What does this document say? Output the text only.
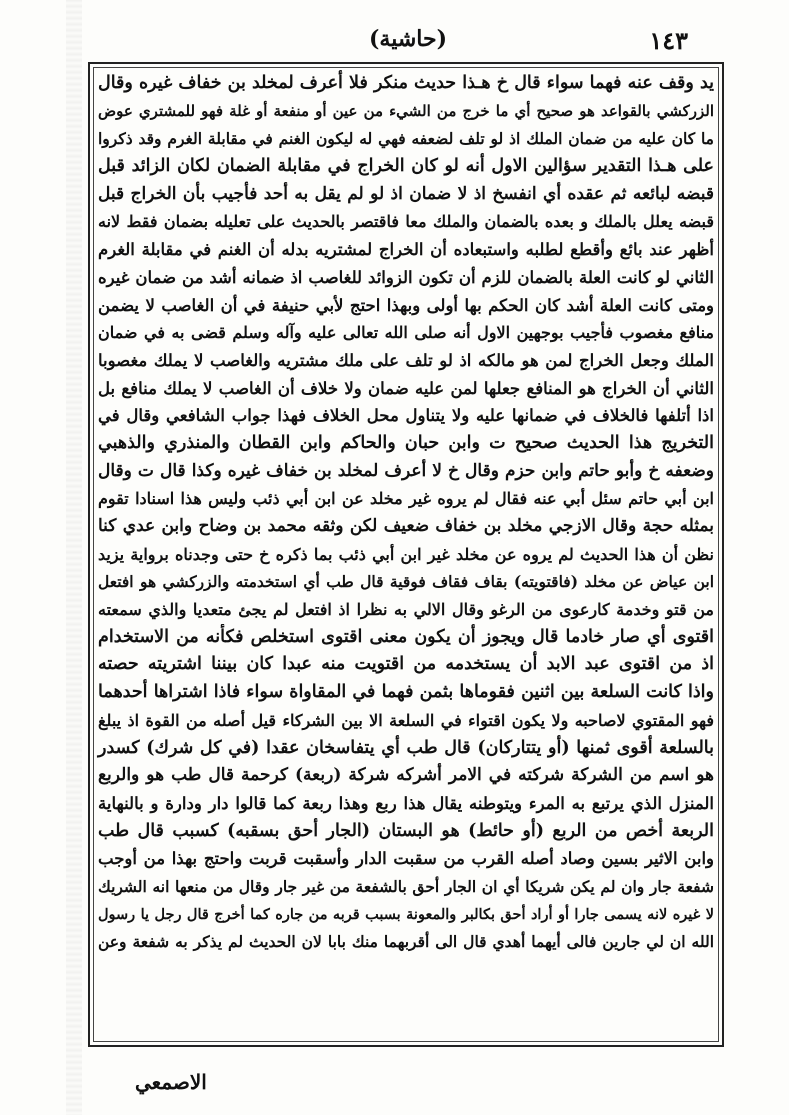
(حاشية)	١٤٣
يد وقف عنه فهما سواء قال خ هـذا حديث منكر فلا أعرف لمخلد بن خفاف غيره وقال
الزركشي بالقواعد هو صحيح أي ما خرج من الشيء من عين أو منفعة أو غلة فهو للمشتري عوض
ما كان عليه من ضمان الملك اذ لو تلف لضعفه فهي له ليكون الغنم في مقابلة الغرم وقد ذكروا
على هـذا التقدير سؤالين الاول أنه لو كان الخراج في مقابلة الضمان لكان الزائد قبل
قبضه لبائعه ثم عقده أي انفسخ اذ لا ضمان اذ لو لم يقل به أحد فأجيب بأن الخراج قبل
قبضه يعلل بالملك و بعده بالضمان والملك معا فاقتصر بالحديث على تعليله بضمان فقط لانه
أظهر عند بائع وأقطع لطلبه واستبعاده أن الخراج لمشتريه بدله أن الغنم في مقابلة الغرم
الثاني لو كانت العلة بالضمان للزم أن تكون الزوائد للغاصب اذ ضمانه أشد من ضمان غيره
ومتى كانت العلة أشد كان الحكم بها أولى وبهذا احتج لأبي حنيفة في أن الغاصب لا يضمن
منافع مغصوب فأجيب بوجهين الاول أنه صلى الله تعالى عليه وآله وسلم قضى به في ضمان
الملك وجعل الخراج لمن هو مالكه اذ لو تلف على ملك مشتريه والغاصب لا يملك مغصوبا
الثاني أن الخراج هو المنافع جعلها لمن عليه ضمان ولا خلاف أن الغاصب لا يملك منافع بل
اذا أتلفها فالخلاف في ضمانها عليه ولا يتناول محل الخلاف فهذا جواب الشافعي وقال في
التخريج هذا الحديث صحيح ت وابن حبان والحاكم وابن القطان والمنذري والذهبي
وضعفه خ وأبو حاتم وابن حزم وقال خ لا أعرف لمخلد بن خفاف غيره وكذا قال ت وقال
ابن أبي حاتم سئل أبي عنه فقال لم يروه غير مخلد عن ابن أبي ذئب وليس هذا اسنادا تقوم
بمثله حجة وقال الازجي مخلد بن خفاف ضعيف لكن وثقه محمد بن وضاح وابن عدي كنا
نظن أن هذا الحديث لم يروه عن مخلد غير ابن أبي ذئب بما ذكره خ حتى وجدناه برواية يزيد
ابن عياض عن مخلد (فاقتويته) بقاف فقاف فوقية قال طب أي استخدمته والزركشي هو افتعل
من قتو وخدمة كارعوى من الرغو وقال الالي به نظرا اذ افتعل لم يجئ متعديا والذي سمعته
اقتوى أي صار خادما قال ويجوز أن يكون معنى اقتوى استخلص فكأنه من الاستخدام
اذ من اقتوى عبد الابد أن يستخدمه من اقتويت منه عبدا كان بيننا اشتريته حصته
واذا كانت السلعة بين اثنين فقوماها بثمن فهما في المقاواة سواء فاذا اشتراها أحدهما
فهو المقتوي لاصاحبه ولا يكون اقتواء في السلعة الا بين الشركاء قيل أصله من القوة اذ يبلغ
بالسلعة أقوى ثمنها (أو يتتاركان) قال طب أي يتفاسخان عقدا (في كل شرك) كسدر
هو اسم من الشركة شركته في الامر أشركه شركة (ربعة) كرحمة قال طب هو والربع
المنزل الذي يرتبع به المرء ويتوطنه يقال هذا ربع وهذا ربعة كما قالوا دار ودارة و بالنهاية
الربعة أخص من الربع (أو حائط) هو البستان (الجار أحق بسقبه) كسبب قال طب
وابن الاثير بسين وصاد أصله القرب من سقبت الدار وأسقبت قربت واحتج بهذا من أوجب
شفعة جار وان لم يكن شريكا أي ان الجار أحق بالشفعة من غير جار وقال من منعها انه الشريك
لا غيره لانه يسمى جارا أو أراد أحق بكالبر والمعونة بسبب قربه من جاره كما أخرج قال رجل يا رسول
الله ان لي جارين فالى أيهما أهدي قال الى أقربهما منك بابا لان الحديث لم يذكر به شفعة وعن
الاصمعي
